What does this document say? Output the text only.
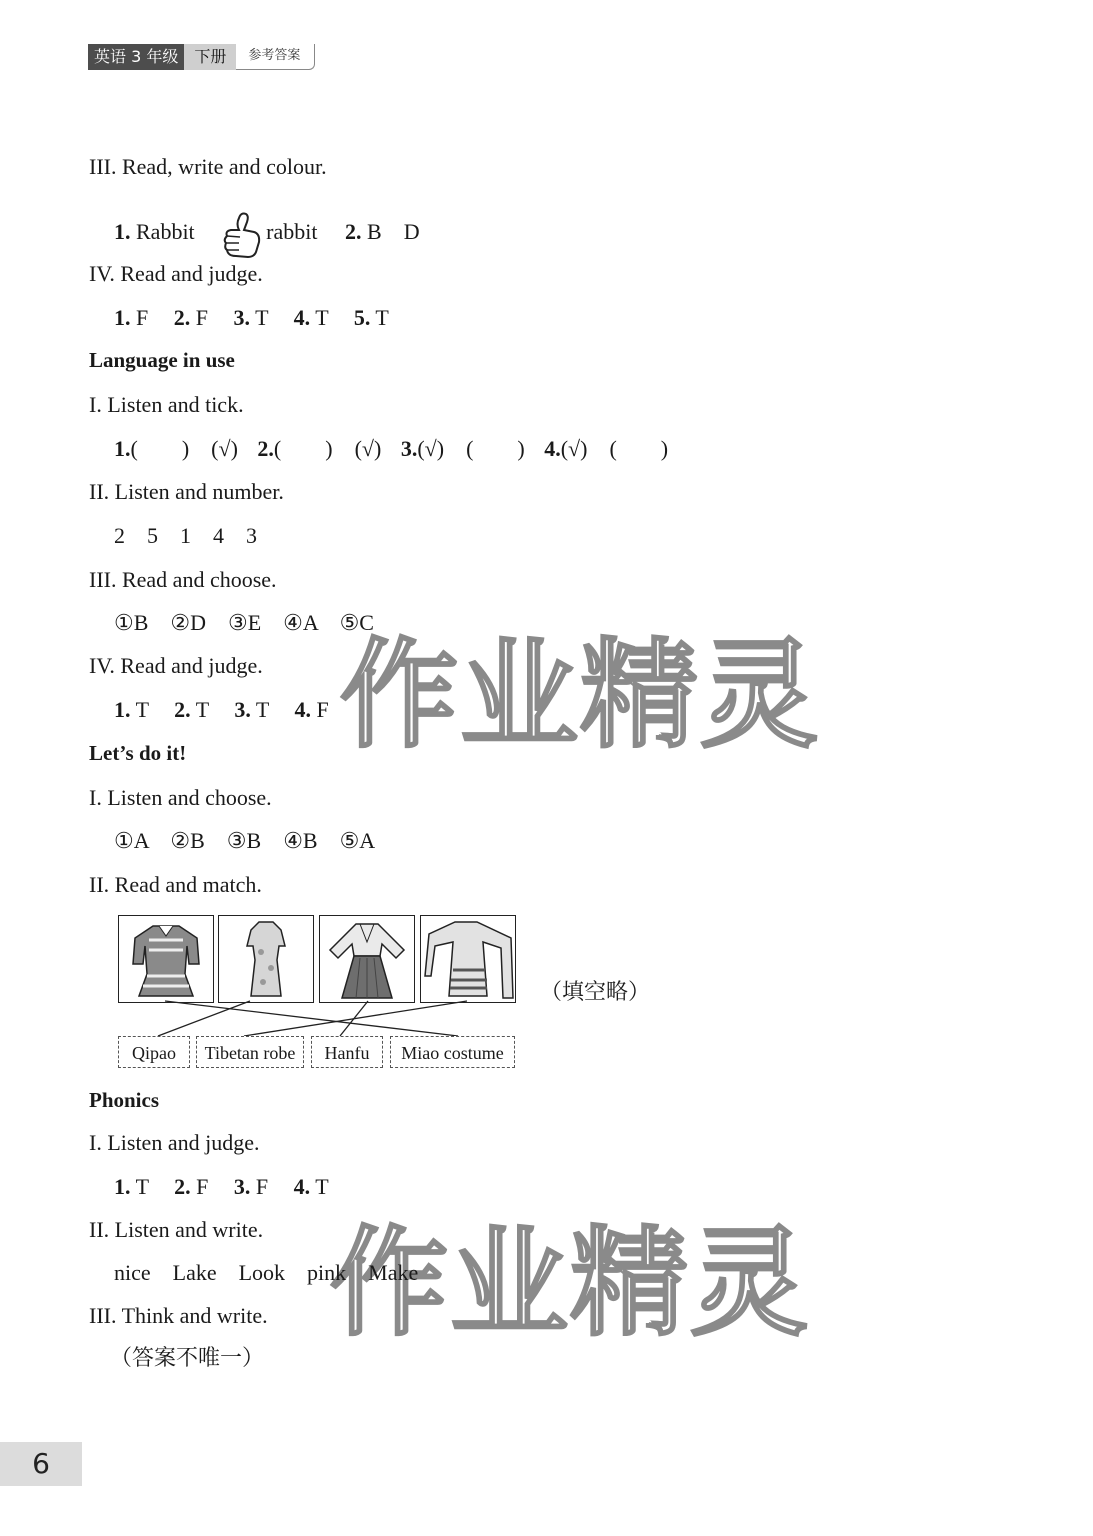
英语 3 年级	下册	参考答案
作业精灵
作业精灵
III. Read, write and colour.
1. Rabbit	rabbit 2. B D
IV. Read and judge.
1. F 2. F 3. T 4. T 5. T
Language in use
I. Listen and tick.
1.(　　)　 (√) 2.(　　)　 (√) 3.(√)　 (　　) 4.(√)　 (　　)
II. Listen and number.
2　5　1　4　3
III. Read and choose.
①B　②D　③E　④A　⑤C
IV. Read and judge.
1. T 2. T 3. T 4. F
Let’s do it!
I. Listen and choose.
①A　②B　③B　④B　⑤A
II. Read and match.
Qipao	Tibetan robe	Hanfu	Miao costume
（填空略）
Phonics
I. Listen and judge.
1. T 2. F 3. F 4. T
II. Listen and write.
nice　Lake　Look　pink　Make
III. Think and write.
（答案不唯一）
6
